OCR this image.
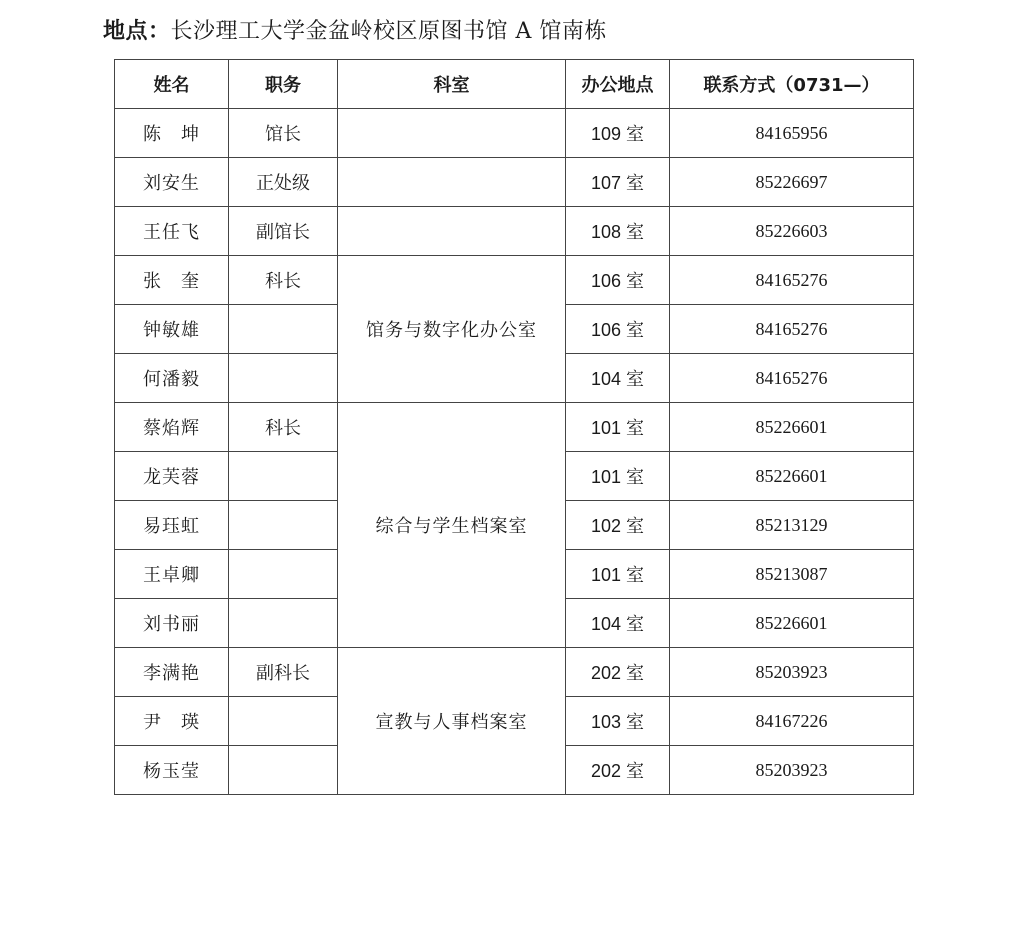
地点：长沙理工大学金盆岭校区原图书馆 A 馆南栋
姓名	职务	科室	办公地点	联系方式（0731—）
陈　坤	馆长		109 室	84165956
刘安生	正处级		107 室	85226697
王任飞	副馆长		108 室	85226603
张　奎	科长	馆务与数字化办公室	106 室	84165276
钟敏雄			106 室	84165276
何潘毅			104 室	84165276
蔡焰辉	科长	综合与学生档案室	101 室	85226601
龙芙蓉			101 室	85226601
易珏虹			102 室	85213129
王卓卿			101 室	85213087
刘书丽			104 室	85226601
李满艳	副科长	宣教与人事档案室	202 室	85203923
尹　瑛			103 室	84167226
杨玉莹			202 室	85203923
